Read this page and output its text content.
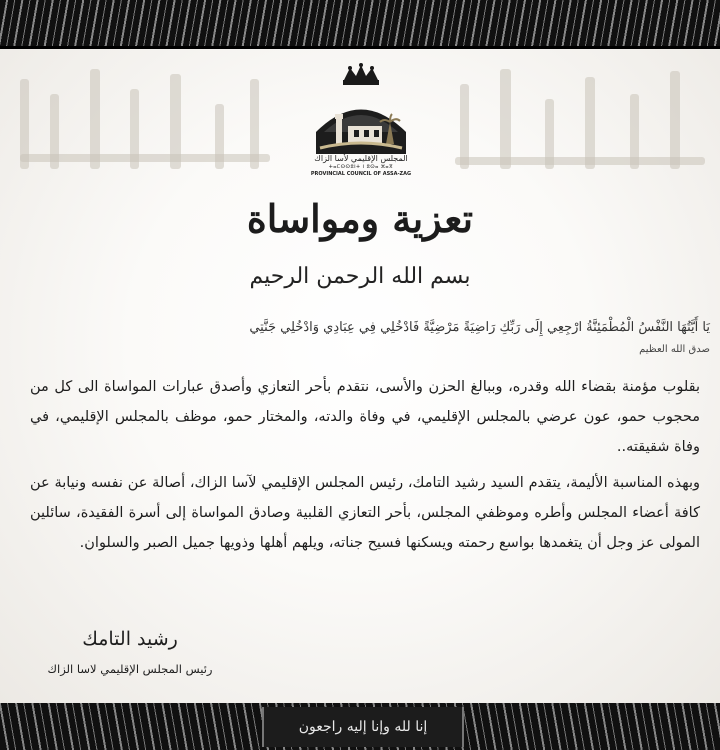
المجلس الإقليمي لأسا الزاك
ⵜⴰⵎⵙⵙⵓⵏⵜ ⵏ ⵓⵙⴰ ⵣⴰⴳ
PROVINCIAL COUNCIL OF ASSA-ZAG
تعزية ومواساة
بسم الله الرحمن الرحيم
يَا أَيَّتُهَا النَّفْسُ الْمُطْمَئِنَّةُ ارْجِعِي إِلَى رَبِّكِ رَاضِيَةً مَرْضِيَّةً فَادْخُلِي فِي عِبَادِي وَادْخُلِي جَنَّتِي
صدق الله العظيم

بقلوب مؤمنة بقضاء الله وقدره، وببالغ الحزن والأسى، نتقدم بأحر التعازي وأصدق عبارات المواساة الى كل من محجوب حمو، عون عرضي بالمجلس الإقليمي، في وفاة والدته، والمختار حمو، موظف بالمجلس الإقليمي، في وفاة شقيقته..

وبهذه المناسبة الأليمة، يتقدم السيد رشيد التامك، رئيس المجلس الإقليمي لآسا الزاك، أصالة عن نفسه ونيابة عن كافة أعضاء المجلس وأطره وموظفي المجلس، بأحر التعازي القلبية وصادق المواساة إلى أسرة الفقيدة، سائلين المولى عز وجل أن يتغمدها بواسع رحمته ويسكنها فسيح جناته، ويلهم أهلها وذويها جميل الصبر والسلوان.

رشيد التامك
رئيس المجلس الإقليمي لاسا الزاك
إنا لله وإنا إليه راجعون
